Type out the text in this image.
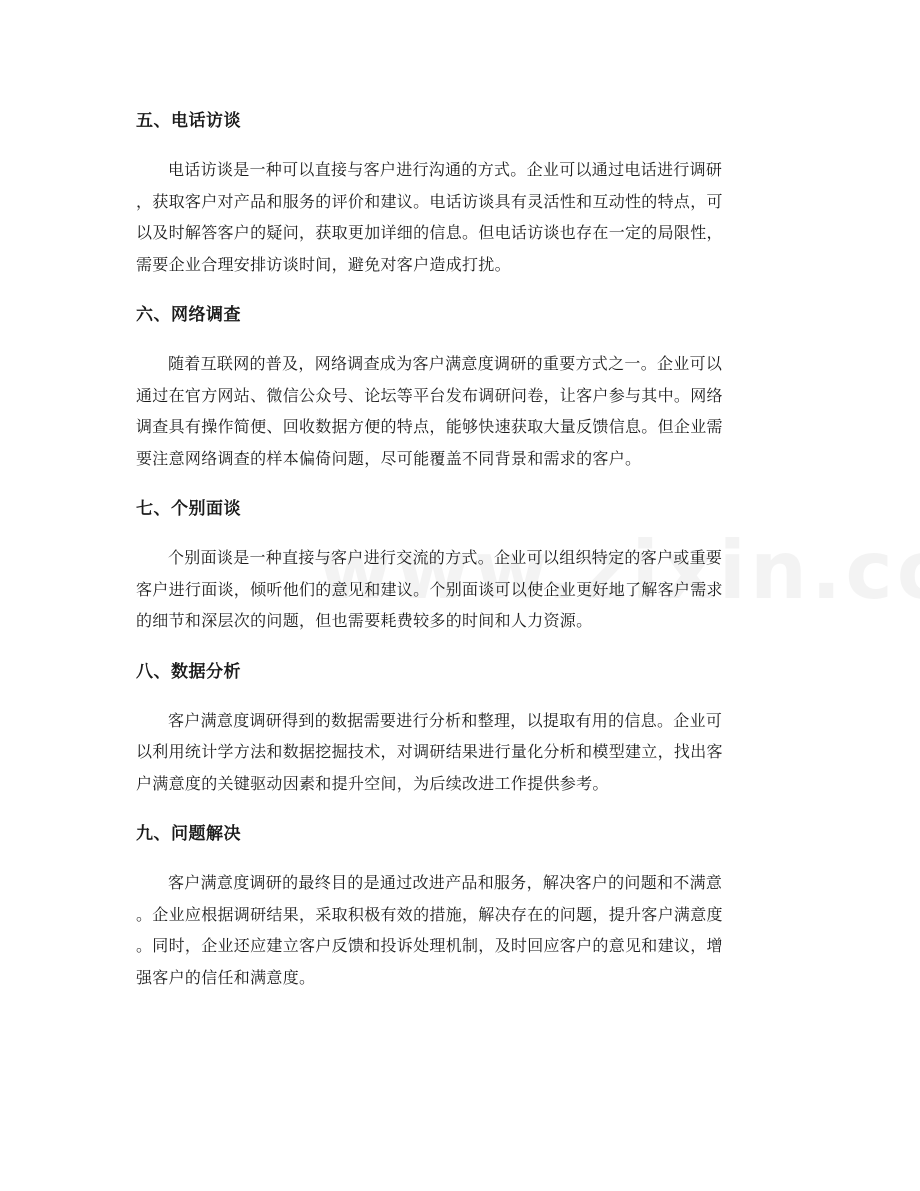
五、电话访谈

电话访谈是一种可以直接与客户进行沟通的方式。企业可以通过电话进行调研
，获取客户对产品和服务的评价和建议。电话访谈具有灵活性和互动性的特点，可
以及时解答客户的疑问，获取更加详细的信息。但电话访谈也存在一定的局限性，
需要企业合理安排访谈时间，避免对客户造成打扰。

六、网络调查

随着互联网的普及，网络调查成为客户满意度调研的重要方式之一。企业可以
通过在官方网站、微信公众号、论坛等平台发布调研问卷，让客户参与其中。网络
调查具有操作简便、回收数据方便的特点，能够快速获取大量反馈信息。但企业需
要注意网络调查的样本偏倚问题，尽可能覆盖不同背景和需求的客户。

七、个别面谈

个别面谈是一种直接与客户进行交流的方式。企业可以组织特定的客户或重要
客户进行面谈，倾听他们的意见和建议。个别面谈可以使企业更好地了解客户需求
的细节和深层次的问题，但也需要耗费较多的时间和人力资源。

八、数据分析

客户满意度调研得到的数据需要进行分析和整理，以提取有用的信息。企业可
以利用统计学方法和数据挖掘技术，对调研结果进行量化分析和模型建立，找出客
户满意度的关键驱动因素和提升空间，为后续改进工作提供参考。

九、问题解决

客户满意度调研的最终目的是通过改进产品和服务，解决客户的问题和不满意
。企业应根据调研结果，采取积极有效的措施，解决存在的问题，提升客户满意度
。同时，企业还应建立客户反馈和投诉处理机制，及时回应客户的意见和建议，增
强客户的信任和满意度。
